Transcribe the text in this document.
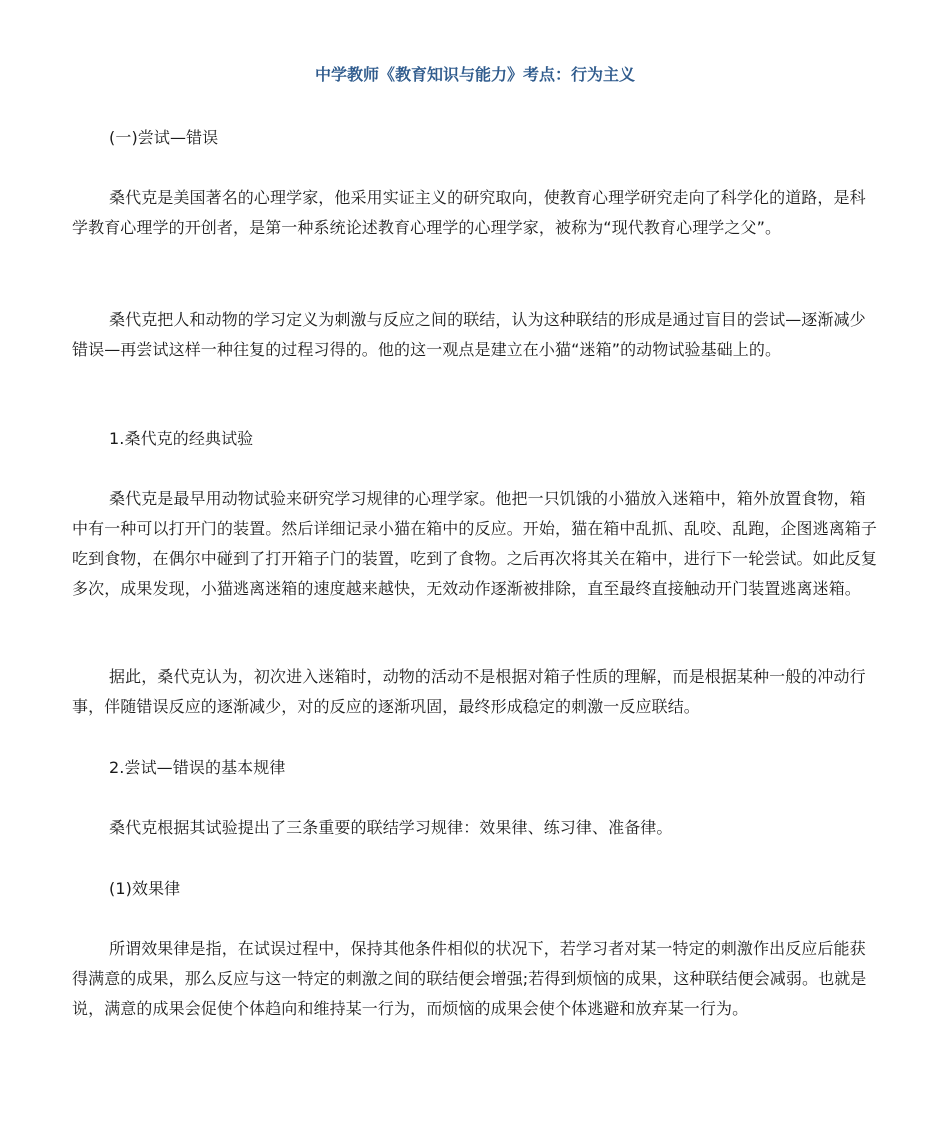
中学教师《教育知识与能力》考点：行为主义
(一)尝试—错误
桑代克是美国著名的心理学家，他采用实证主义的研究取向，使教育心理学研究走向了科学化的道路，是科学教育心理学的开创者，是第一种系统论述教育心理学的心理学家，被称为“现代教育心理学之父”。
桑代克把人和动物的学习定义为刺激与反应之间的联结，认为这种联结的形成是通过盲目的尝试—逐渐减少错误—再尝试这样一种往复的过程习得的。他的这一观点是建立在小猫“迷箱”的动物试验基础上的。
1.桑代克的经典试验
桑代克是最早用动物试验来研究学习规律的心理学家。他把一只饥饿的小猫放入迷箱中，箱外放置食物，箱中有一种可以打开门的装置。然后详细记录小猫在箱中的反应。开始，猫在箱中乱抓、乱咬、乱跑，企图逃离箱子吃到食物，在偶尔中碰到了打开箱子门的装置，吃到了食物。之后再次将其关在箱中，进行下一轮尝试。如此反复多次，成果发现，小猫逃离迷箱的速度越来越快，无效动作逐渐被排除，直至最终直接触动开门装置逃离迷箱。
据此，桑代克认为，初次进入迷箱时，动物的活动不是根据对箱子性质的理解，而是根据某种一般的冲动行事，伴随错误反应的逐渐减少，对的反应的逐渐巩固，最终形成稳定的刺激一反应联结。
2.尝试—错误的基本规律
桑代克根据其试验提出了三条重要的联结学习规律：效果律、练习律、准备律。
(1)效果律
所谓效果律是指，在试误过程中，保持其他条件相似的状况下，若学习者对某一特定的刺激作出反应后能获得满意的成果，那么反应与这一特定的刺激之间的联结便会增强;若得到烦恼的成果，这种联结便会减弱。也就是说，满意的成果会促使个体趋向和维持某一行为，而烦恼的成果会使个体逃避和放弃某一行为。
